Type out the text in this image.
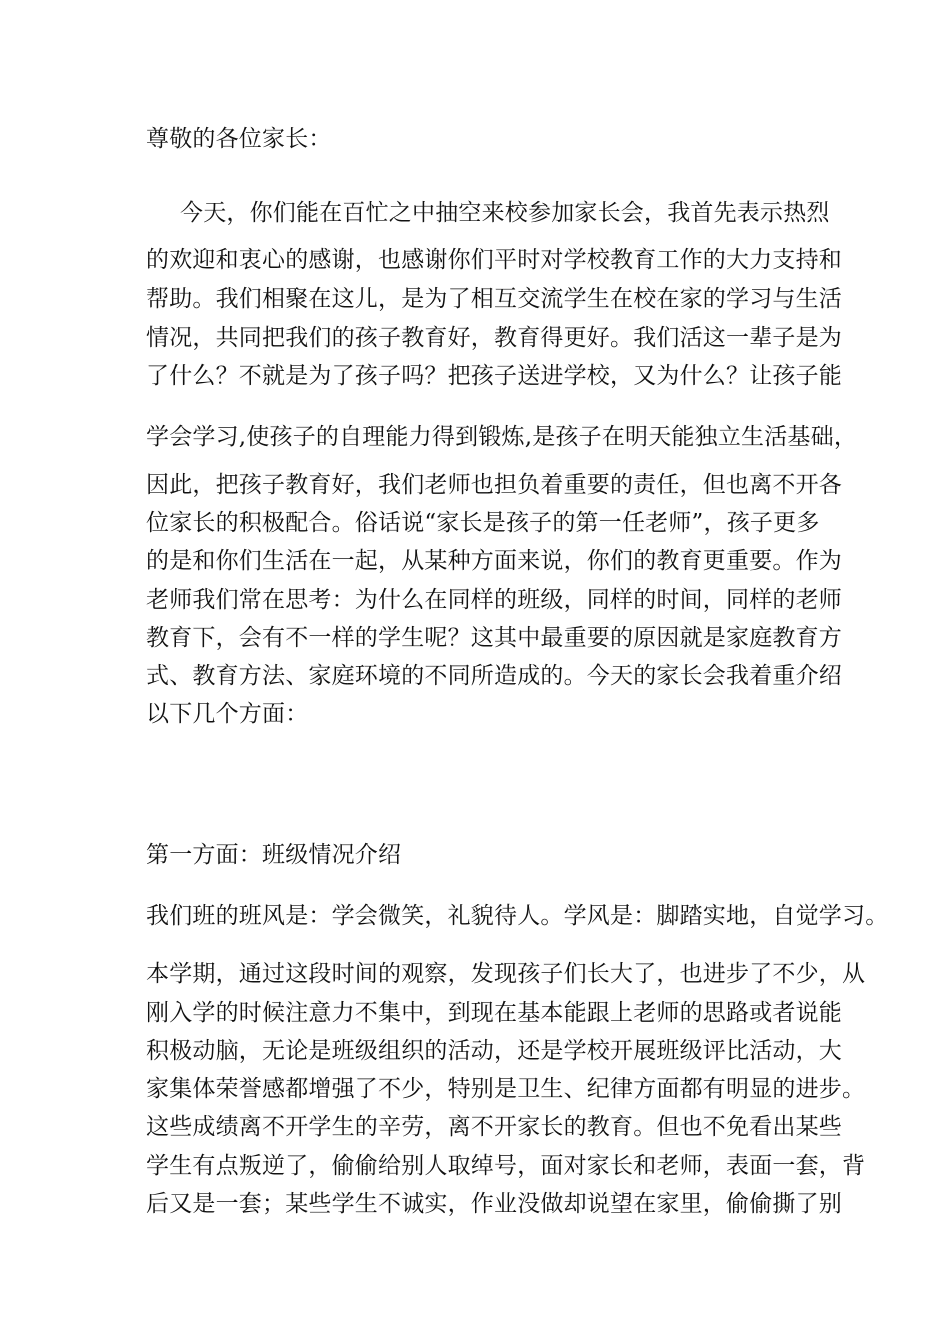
尊敬的各位家长：
今天，你们能在百忙之中抽空来校参加家长会，我首先表示热烈
的欢迎和衷心的感谢，也感谢你们平时对学校教育工作的大力支持和
帮助。我们相聚在这儿，是为了相互交流学生在校在家的学习与生活
情况，共同把我们的孩子教育好，教育得更好。我们活这一辈子是为
了什么？不就是为了孩子吗？把孩子送进学校，又为什么？让孩子能
学会学习,使孩子的自理能力得到锻炼,是孩子在明天能独立生活基础，
因此，把孩子教育好，我们老师也担负着重要的责任，但也离不开各
位家长的积极配合。俗话说“家长是孩子的第一任老师”，孩子更多
的是和你们生活在一起，从某种方面来说，你们的教育更重要。作为
老师我们常在思考：为什么在同样的班级，同样的时间，同样的老师
教育下，会有不一样的学生呢？这其中最重要的原因就是家庭教育方
式、教育方法、家庭环境的不同所造成的。今天的家长会我着重介绍
以下几个方面：
第一方面：班级情况介绍
我们班的班风是：学会微笑，礼貌待人。学风是：脚踏实地，自觉学习。
本学期，通过这段时间的观察，发现孩子们长大了，也进步了不少，从
刚入学的时候注意力不集中，到现在基本能跟上老师的思路或者说能
积极动脑，无论是班级组织的活动，还是学校开展班级评比活动，大
家集体荣誉感都增强了不少，特别是卫生、纪律方面都有明显的进步。
这些成绩离不开学生的辛劳，离不开家长的教育。但也不免看出某些
学生有点叛逆了，偷偷给别人取绰号，面对家长和老师，表面一套，背
后又是一套；某些学生不诚实，作业没做却说望在家里，偷偷撕了别
